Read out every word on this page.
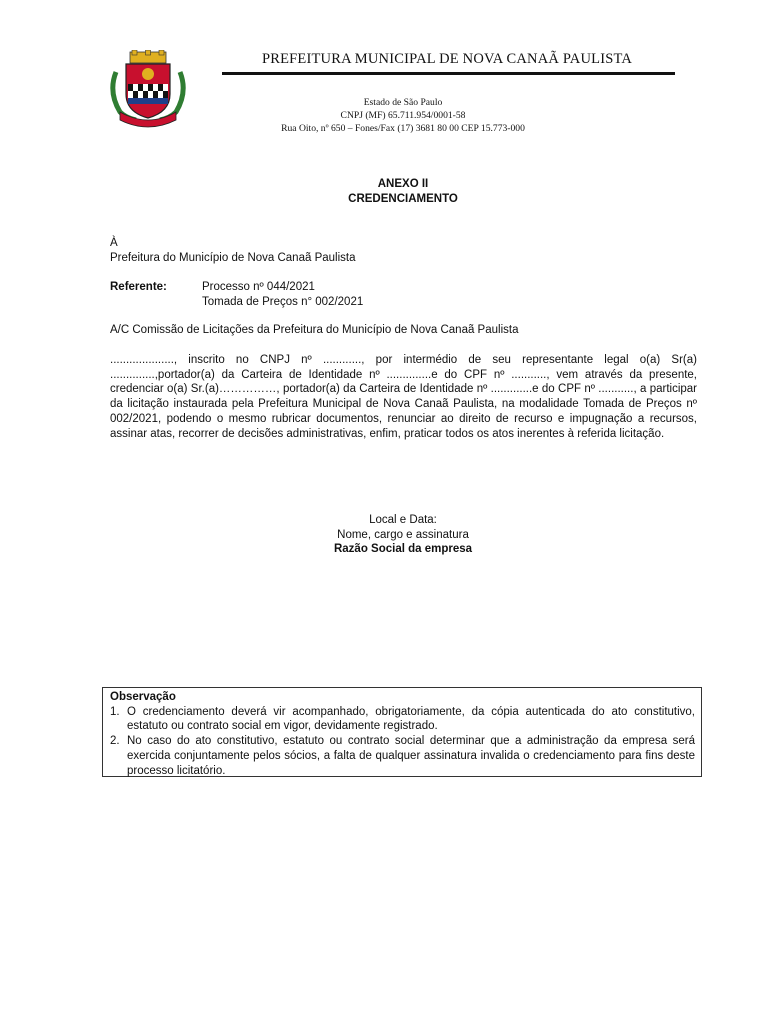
PREFEITURA MUNICIPAL DE NOVA CANAÃ PAULISTA
Estado de São Paulo
CNPJ (MF) 65.711.954/0001-58
Rua Oito, nº 650 – Fones/Fax (17) 3681 80 00 CEP 15.773-000
ANEXO II
CREDENCIAMENTO
À
Prefeitura do Município de Nova Canaã Paulista
Referente:	Processo nº 044/2021
Tomada de Preços n° 002/2021
A/C Comissão de Licitações da Prefeitura do Município de Nova Canaã Paulista

...................., inscrito no CNPJ nº ............, por intermédio de seu representante legal o(a) Sr(a) ..............,portador(a) da Carteira de Identidade nº ..............e do CPF nº ..........., vem através da presente, credenciar o(a) Sr.(a)……………, portador(a) da Carteira de Identidade nº .............e do CPF nº ..........., a participar da licitação instaurada pela Prefeitura Municipal de Nova Canaã Paulista, na modalidade Tomada de Preços nº 002/2021, podendo o mesmo rubricar documentos, renunciar ao direito de recurso e impugnação a recursos, assinar atas, recorrer de decisões administrativas, enfim, praticar todos os atos inerentes à referida licitação.

Local e Data:
Nome, cargo e assinatura
Razão Social da empresa
Observação
1. O credenciamento deverá vir acompanhado, obrigatoriamente, da cópia autenticada do ato constitutivo, estatuto ou contrato social em vigor, devidamente registrado.
2. No caso do ato constitutivo, estatuto ou contrato social determinar que a administração da empresa será exercida conjuntamente pelos sócios, a falta de qualquer assinatura invalida o credenciamento para fins deste processo licitatório.
